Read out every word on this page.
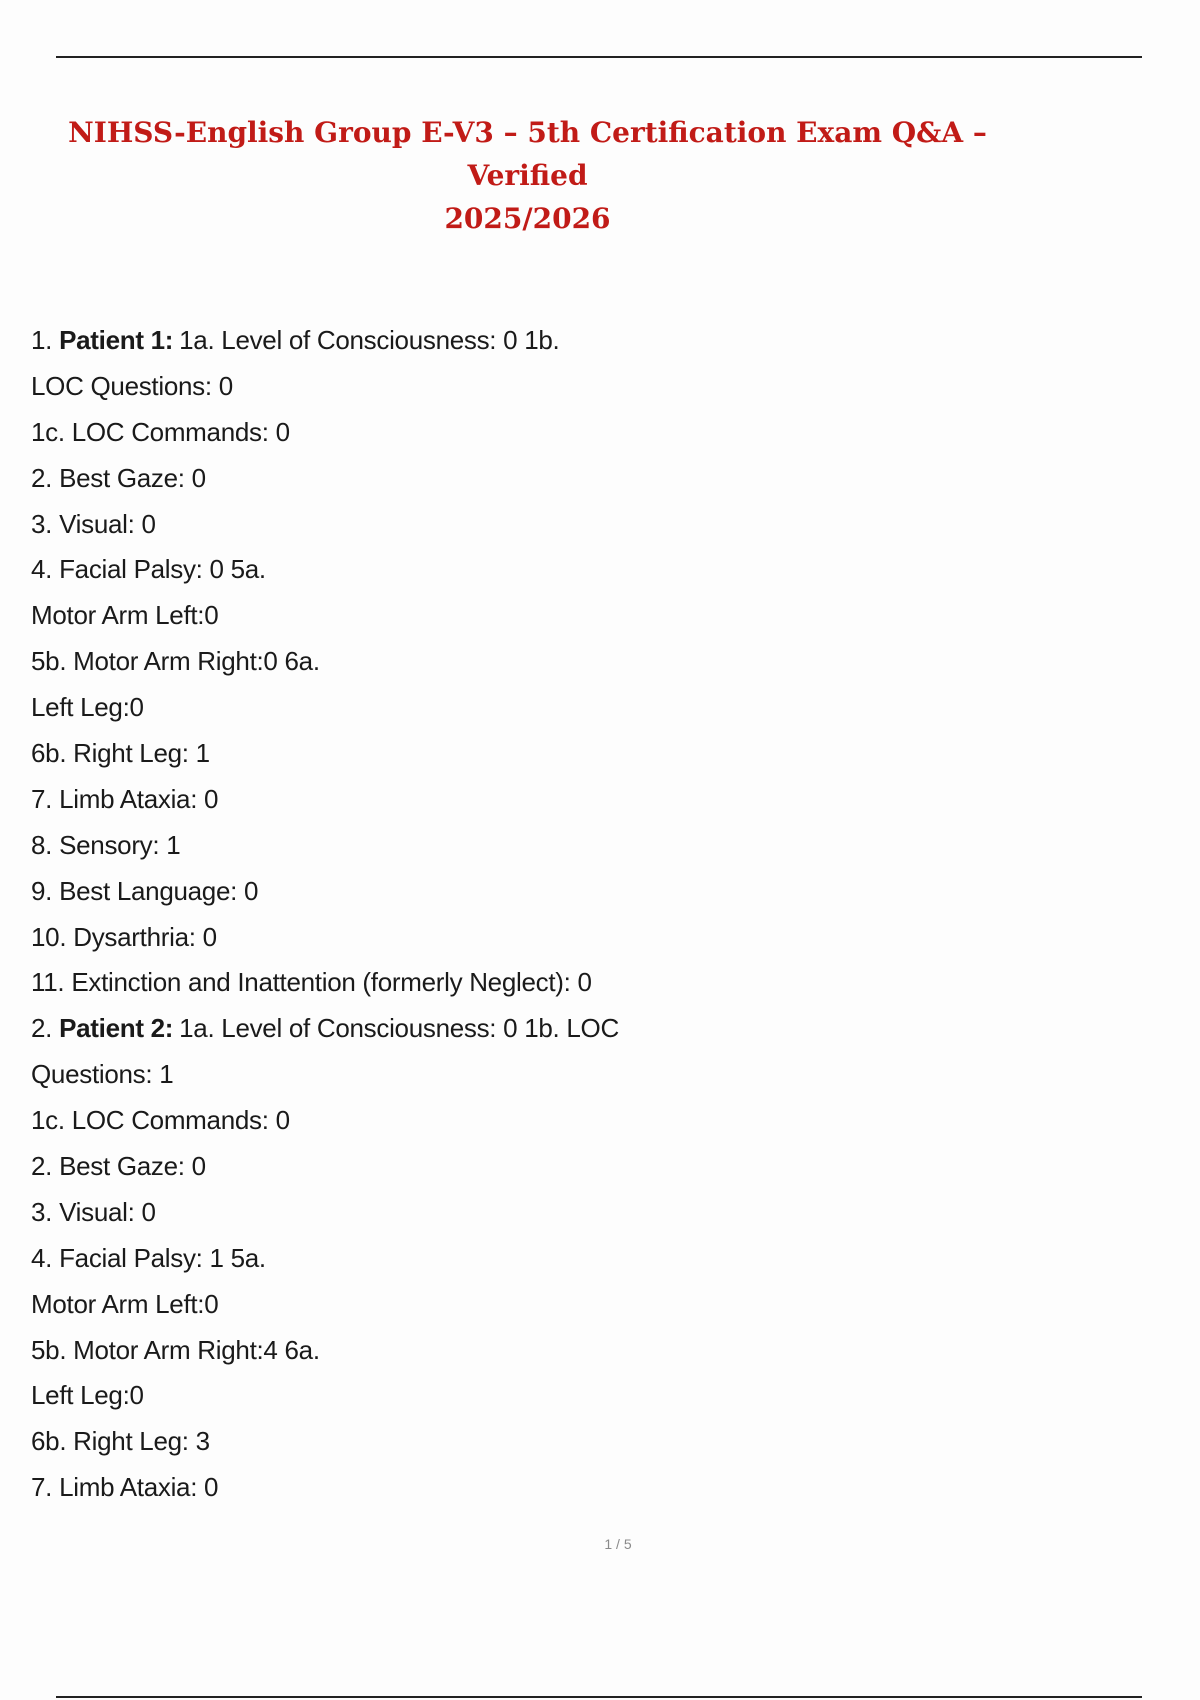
NIHSS-English Group E-V3 – 5th Certification Exam Q&A – Verified
2025/2026
1. Patient 1: 1a. Level of Consciousness: 0 1b.
LOC Questions: 0
1c. LOC Commands: 0
2. Best Gaze: 0
3. Visual: 0
4. Facial Palsy: 0 5a.
Motor Arm Left:0
5b. Motor Arm Right:0 6a.
Left Leg:0
6b. Right Leg: 1
7. Limb Ataxia: 0
8. Sensory: 1
9. Best Language: 0
10. Dysarthria: 0
11. Extinction and Inattention (formerly Neglect): 0
2. Patient 2: 1a. Level of Consciousness: 0 1b. LOC
Questions: 1
1c. LOC Commands: 0
2. Best Gaze: 0
3. Visual: 0
4. Facial Palsy: 1 5a.
Motor Arm Left:0
5b. Motor Arm Right:4 6a.
Left Leg:0
6b. Right Leg: 3
7. Limb Ataxia: 0
1 / 5
